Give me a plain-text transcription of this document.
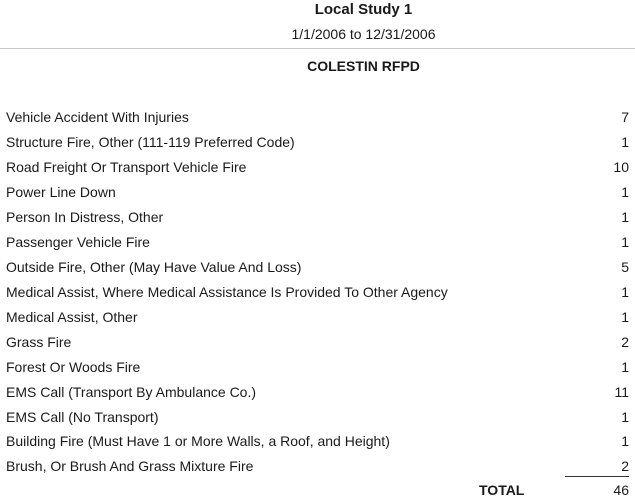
Local Study 1
1/1/2006 to 12/31/2006
COLESTIN RFPD
Vehicle Accident With Injuries	7
Structure Fire, Other (111-119 Preferred Code)	1
Road Freight Or Transport Vehicle Fire	10
Power Line Down	1
Person In Distress, Other	1
Passenger Vehicle Fire	1
Outside Fire, Other (May Have Value And Loss)	5
Medical Assist, Where Medical Assistance Is Provided To Other Agency	1
Medical Assist, Other	1
Grass Fire	2
Forest Or Woods Fire	1
EMS Call (Transport By Ambulance Co.)	11
EMS Call (No Transport)	1
Building Fire (Must Have 1 or More Walls, a Roof, and Height)	1
Brush, Or Brush And Grass Mixture Fire	2
TOTAL	46
